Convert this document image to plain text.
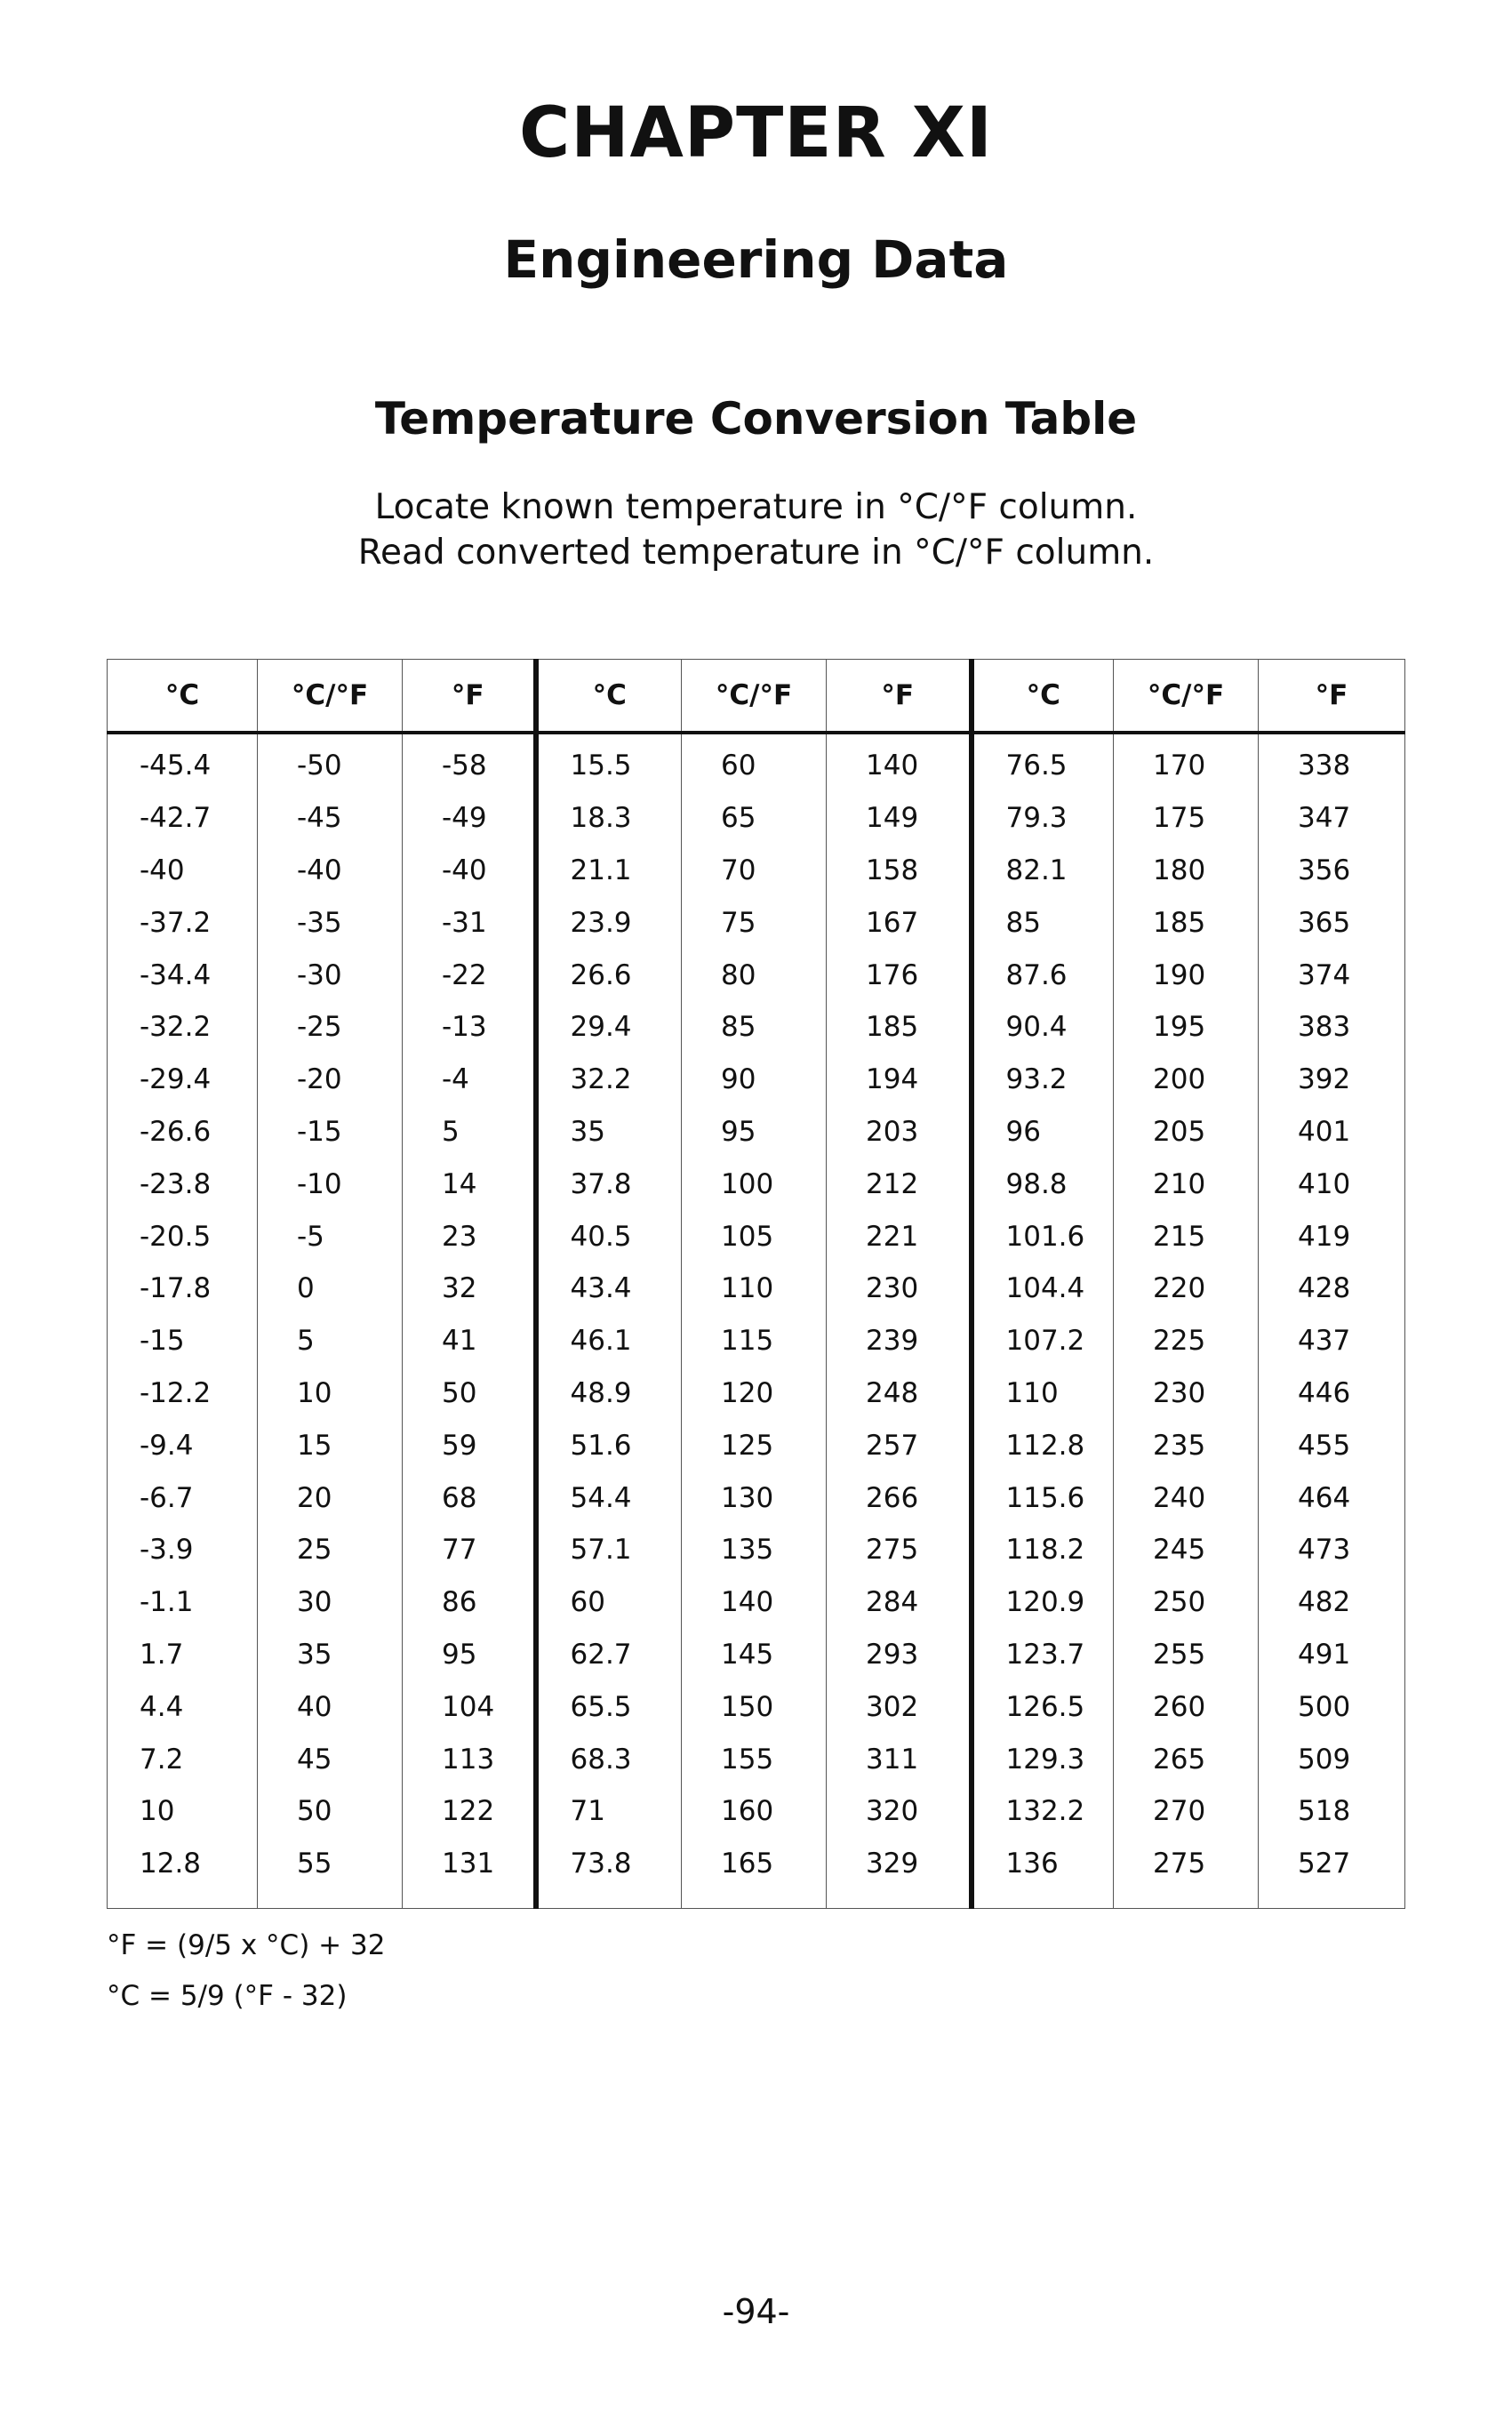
CHAPTER XI
Engineering Data
Temperature Conversion Table
Locate known temperature in °C/°F column.
Read converted temperature in °C/°F column.
°C	°C/°F	°F	°C	°C/°F	°F	°C	°C/°F	°F
-45.4	-50	-58	15.5	60	140	76.5	170	338
-42.7	-45	-49	18.3	65	149	79.3	175	347
-40	-40	-40	21.1	70	158	82.1	180	356
-37.2	-35	-31	23.9	75	167	85	185	365
-34.4	-30	-22	26.6	80	176	87.6	190	374
-32.2	-25	-13	29.4	85	185	90.4	195	383
-29.4	-20	-4	32.2	90	194	93.2	200	392
-26.6	-15	5	35	95	203	96	205	401
-23.8	-10	14	37.8	100	212	98.8	210	410
-20.5	-5	23	40.5	105	221	101.6	215	419
-17.8	0	32	43.4	110	230	104.4	220	428
-15	5	41	46.1	115	239	107.2	225	437
-12.2	10	50	48.9	120	248	110	230	446
-9.4	15	59	51.6	125	257	112.8	235	455
-6.7	20	68	54.4	130	266	115.6	240	464
-3.9	25	77	57.1	135	275	118.2	245	473
-1.1	30	86	60	140	284	120.9	250	482
1.7	35	95	62.7	145	293	123.7	255	491
4.4	40	104	65.5	150	302	126.5	260	500
7.2	45	113	68.3	155	311	129.3	265	509
10	50	122	71	160	320	132.2	270	518
12.8	55	131	73.8	165	329	136	275	527
°F = (9/5 x °C) + 32
°C = 5/9 (°F - 32)
-94-
